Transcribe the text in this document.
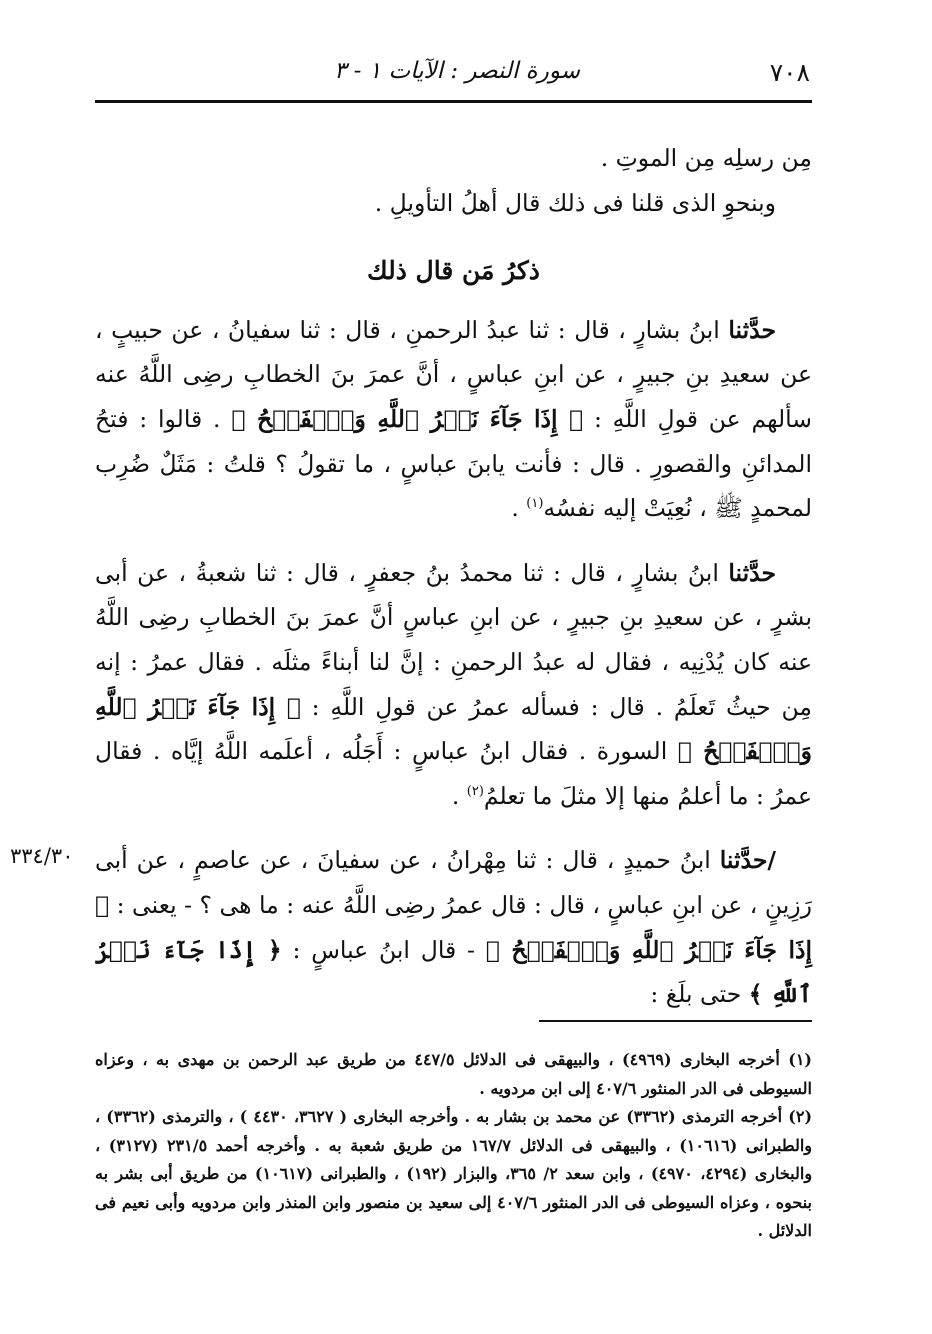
٧٠٨
سورة النصر : الآيات ١ - ٣

مِن رسلِه مِن الموتِ .

وبنحوِ الذى قلنا فى ذلك قال أهلُ التأويلِ .

ذكرُ مَن قال ذلك

حدَّثنا ابنُ بشارٍ ، قال : ثنا عبدُ الرحمنِ ، قال : ثنا سفيانُ ، عن حبيبٍ ، عن سعيدِ بنِ جبيرٍ ، عن ابنِ عباسٍ ، أنَّ عمرَ بنَ الخطابِ رضِى اللَّهُ عنه سألهم عن قولِ اللَّهِ : ﴿ إِذَا جَآءَ نَصۡرُ ٱللَّهِ وَٱلۡفَتۡحُ ﴾ . قالوا : فتحُ المدائنِ والقصورِ . قال : فأنت يابنَ عباسٍ ، ما تقولُ ؟ قلتُ : مَثَلٌ ضُرِب لمحمدٍ ﷺ ، نُعِيَتْ إليه نفسُه$^{(١)}$ .

حدَّثنا ابنُ بشارٍ ، قال : ثنا محمدُ بنُ جعفرٍ ، قال : ثنا شعبةُ ، عن أبى بشرٍ ، عن سعيدِ بنِ جبيرٍ ، عن ابنِ عباسٍ أنَّ عمرَ بنَ الخطابِ رضِى اللَّهُ عنه كان يُدْنِيه ، فقال له عبدُ الرحمنِ : إنَّ لنا أبناءً مثلَه . فقال عمرُ : إنه مِن حيثُ تَعلَمُ . قال : فسأله عمرُ عن قولِ اللَّهِ : ﴿ إِذَا جَآءَ نَصۡرُ ٱللَّهِ وَٱلۡفَتۡحُ ﴾ السورة . فقال ابنُ عباسٍ : أَجَلُه ، أعلَمه اللَّهُ إيَّاه . فقال عمرُ : ما أعلمُ منها إلا مثلَ ما تعلمُ$^{(٢)}$ .

/حدَّثنا ابنُ حميدٍ ، قال : ثنا مِهْرانُ ، عن سفيانَ ، عن عاصمٍ ، عن أبى رَزِينٍ ، عن ابنِ عباسٍ ، قال : قال عمرُ رضِى اللَّهُ عنه : ما هى ؟ - يعنى : ﴿ إِذَا جَآءَ نَصۡرُ ٱللَّهِ وَٱلۡفَتۡحُ ﴾ - قال ابنُ عباسٍ : ﴿ إِذَا جَآءَ نَصۡرُ ٱللَّهِ ﴾ حتى بلَغ :

٣٣٤/٣٠

(١) أخرجه البخارى (٤٩٦٩) ، والبيهقى فى الدلائل ٤٤٧/٥ من طريق عبد الرحمن بن مهدى به ، وعزاه السيوطى فى الدر المنثور ٤٠٧/٦ إلى ابن مردويه .

(٢) أخرجه الترمذى (٣٣٦٢) عن محمد بن بشار به . وأخرجه البخارى ( ٣٦٢٧، ٤٤٣٠ ) ، والترمذى (٣٣٦٢) ، والطبرانى (١٠٦١٦) ، والبيهقى فى الدلائل ١٦٧/٧ من طريق شعبة به . وأخرجه أحمد ٢٣١/٥ (٣١٢٧) ، والبخارى (٤٢٩٤، ٤٩٧٠) ، وابن سعد ٢/ ٣٦٥، والبزار (١٩٢) ، والطبرانى (١٠٦١٧) من طريق أبى بشر به بنحوه ، وعزاه السيوطى فى الدر المنثور ٤٠٧/٦ إلى سعيد بن منصور وابن المنذر وابن مردويه وأبى نعيم فى الدلائل .
